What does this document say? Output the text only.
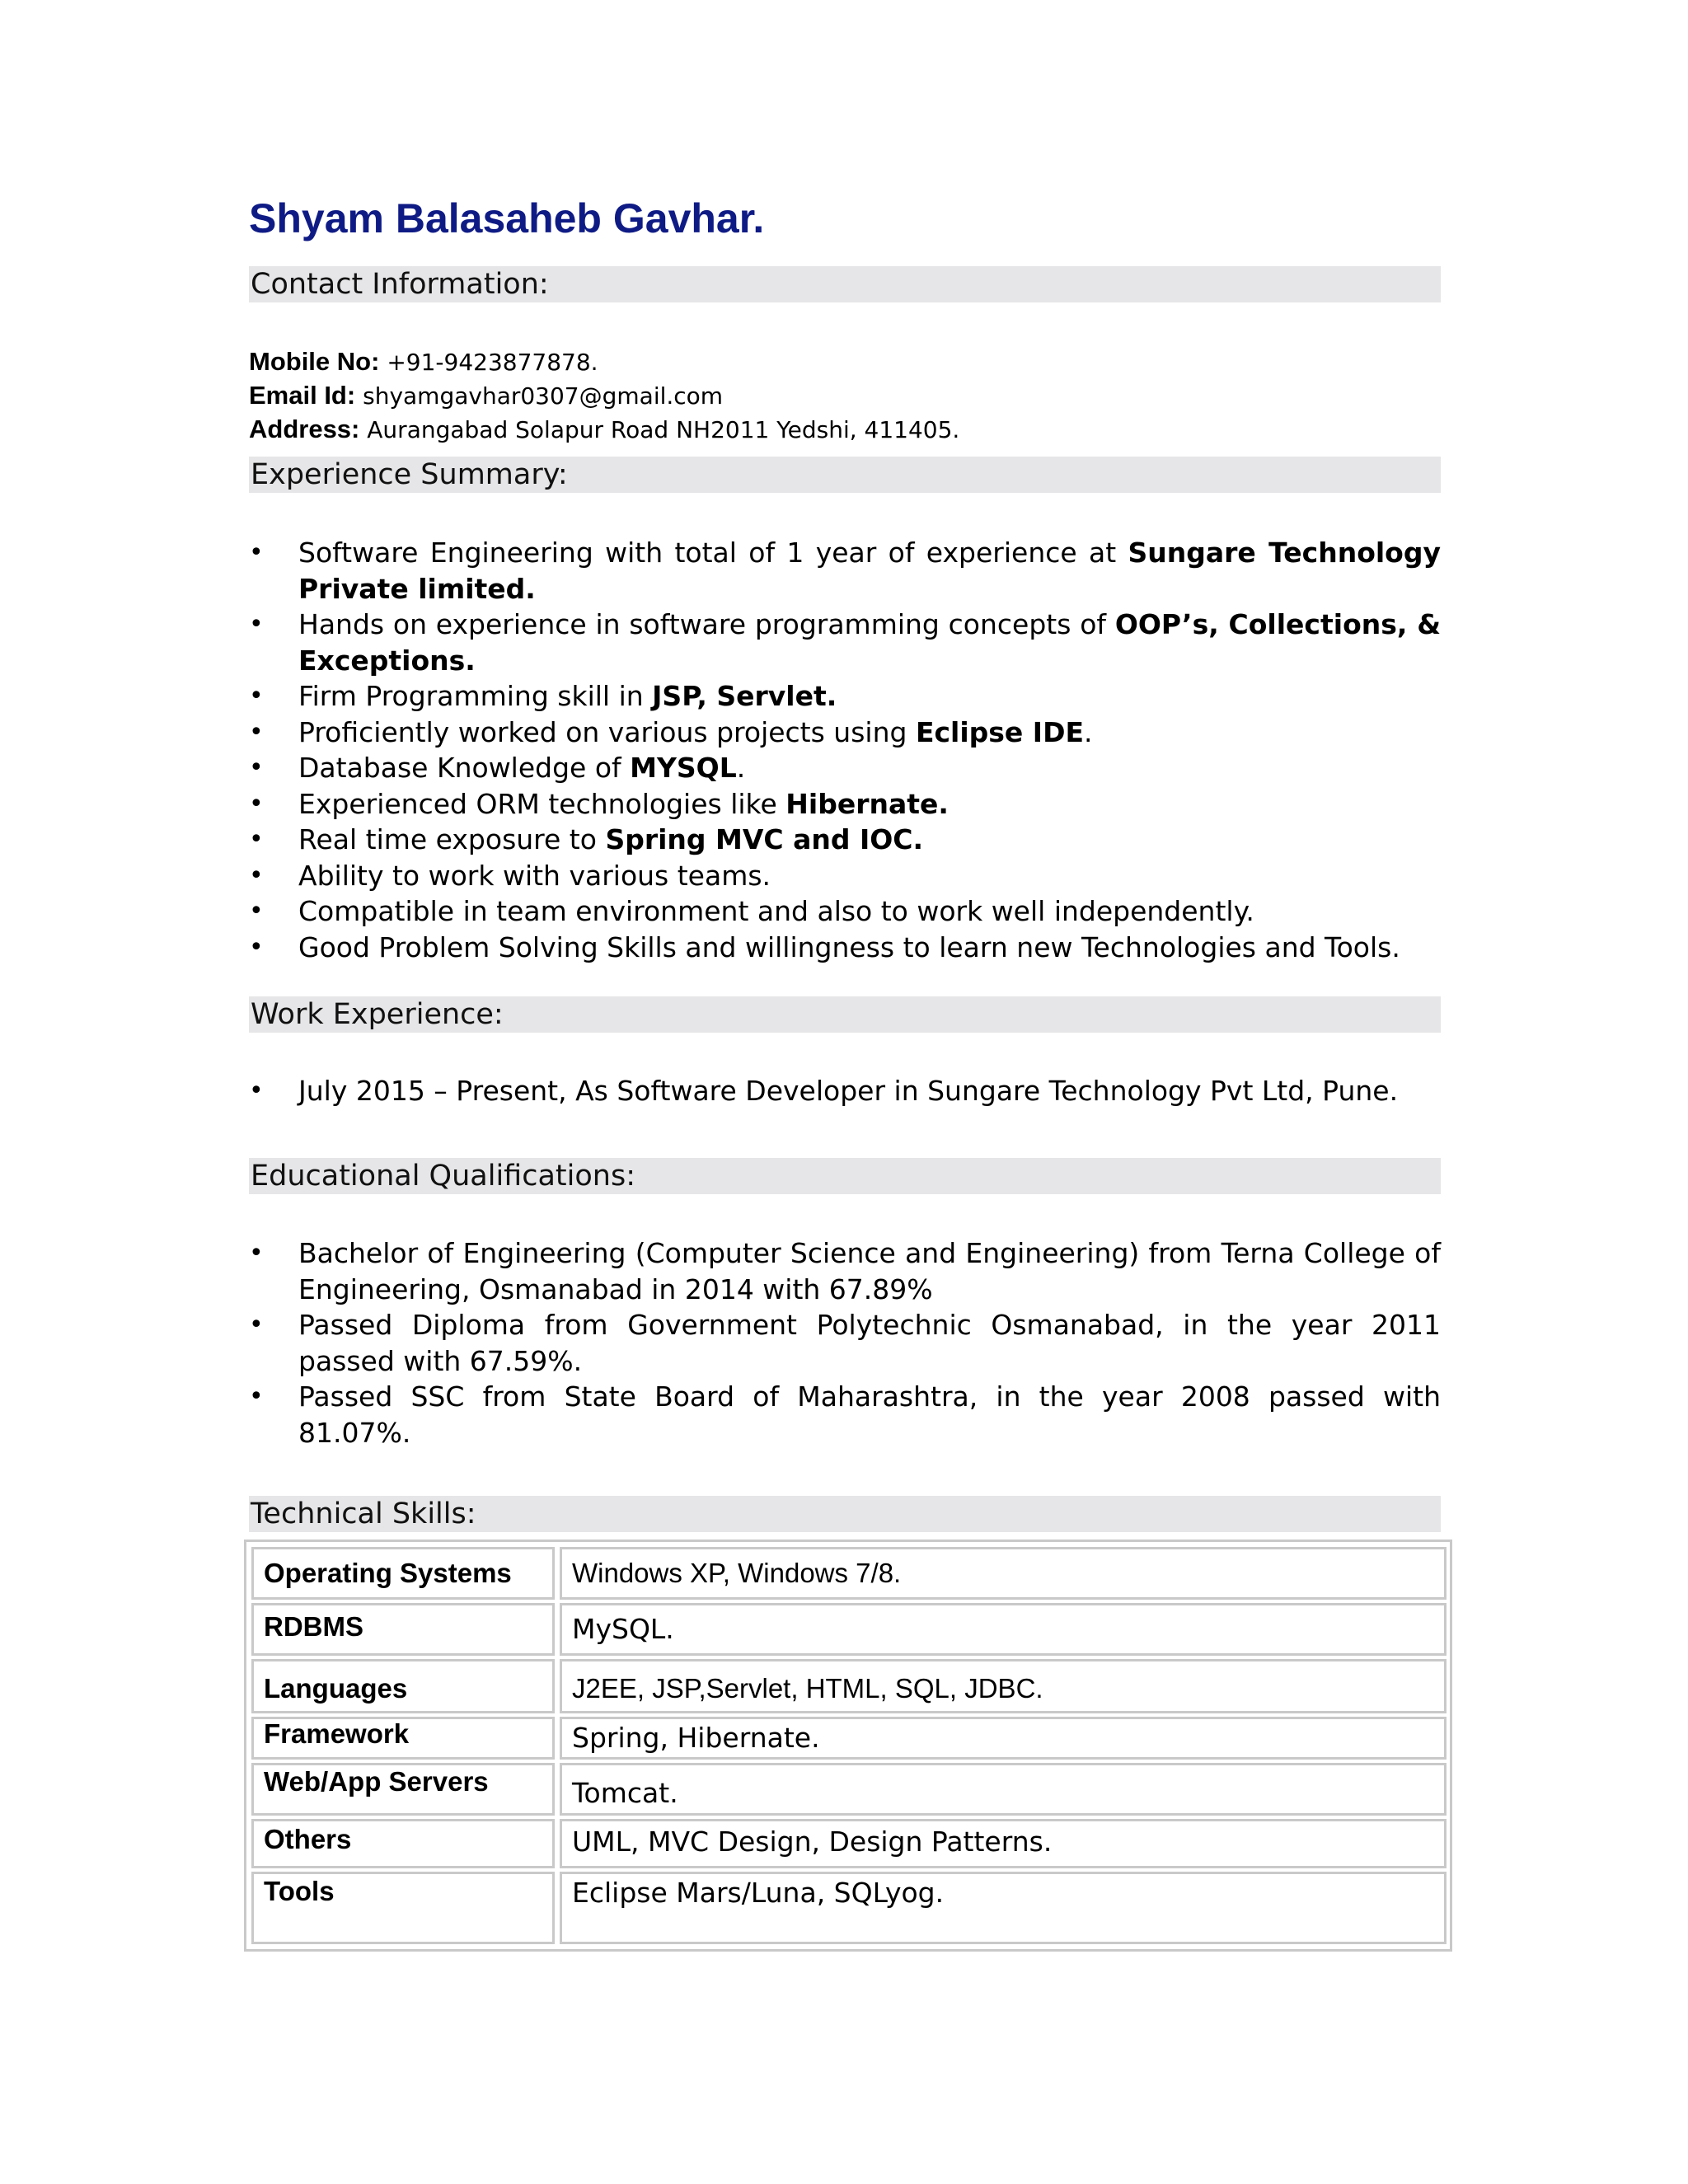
Shyam Balasaheb Gavhar.
Contact Information:
Mobile No: +91-9423877878.
Email Id: shyamgavhar0307@gmail.com
Address: Aurangabad Solapur Road NH2011 Yedshi, 411405.
Experience Summary:
• Software Engineering with total of 1 year of experience at Sungare Technology Private limited.
• Hands on experience in software programming concepts of OOP’s, Collections, & Exceptions.
• Firm Programming skill in JSP, Servlet.
• Proficiently worked on various projects using Eclipse IDE.
• Database Knowledge of MYSQL.
• Experienced ORM technologies like Hibernate.
• Real time exposure to Spring MVC and IOC.
• Ability to work with various teams.
• Compatible in team environment and also to work well independently.
• Good Problem Solving Skills and willingness to learn new Technologies and Tools.
Work Experience:
• July 2015 – Present, As Software Developer in Sungare Technology Pvt Ltd, Pune.
Educational Qualifications:
• Bachelor of Engineering (Computer Science and Engineering) from Terna College of Engineering, Osmanabad in 2014 with 67.89%
• Passed Diploma from Government Polytechnic Osmanabad, in the year 2011 passed with 67.59%.
• Passed SSC from State Board of Maharashtra, in the year 2008 passed with 81.07%.
Technical Skills:
Operating Systems	Windows XP, Windows 7/8.
RDBMS	MySQL.
Languages	J2EE, JSP,Servlet, HTML, SQL, JDBC.
Framework	Spring, Hibernate.
Web/App Servers	Tomcat.
Others	UML, MVC Design, Design Patterns.
Tools	Eclipse Mars/Luna, SQLyog.
